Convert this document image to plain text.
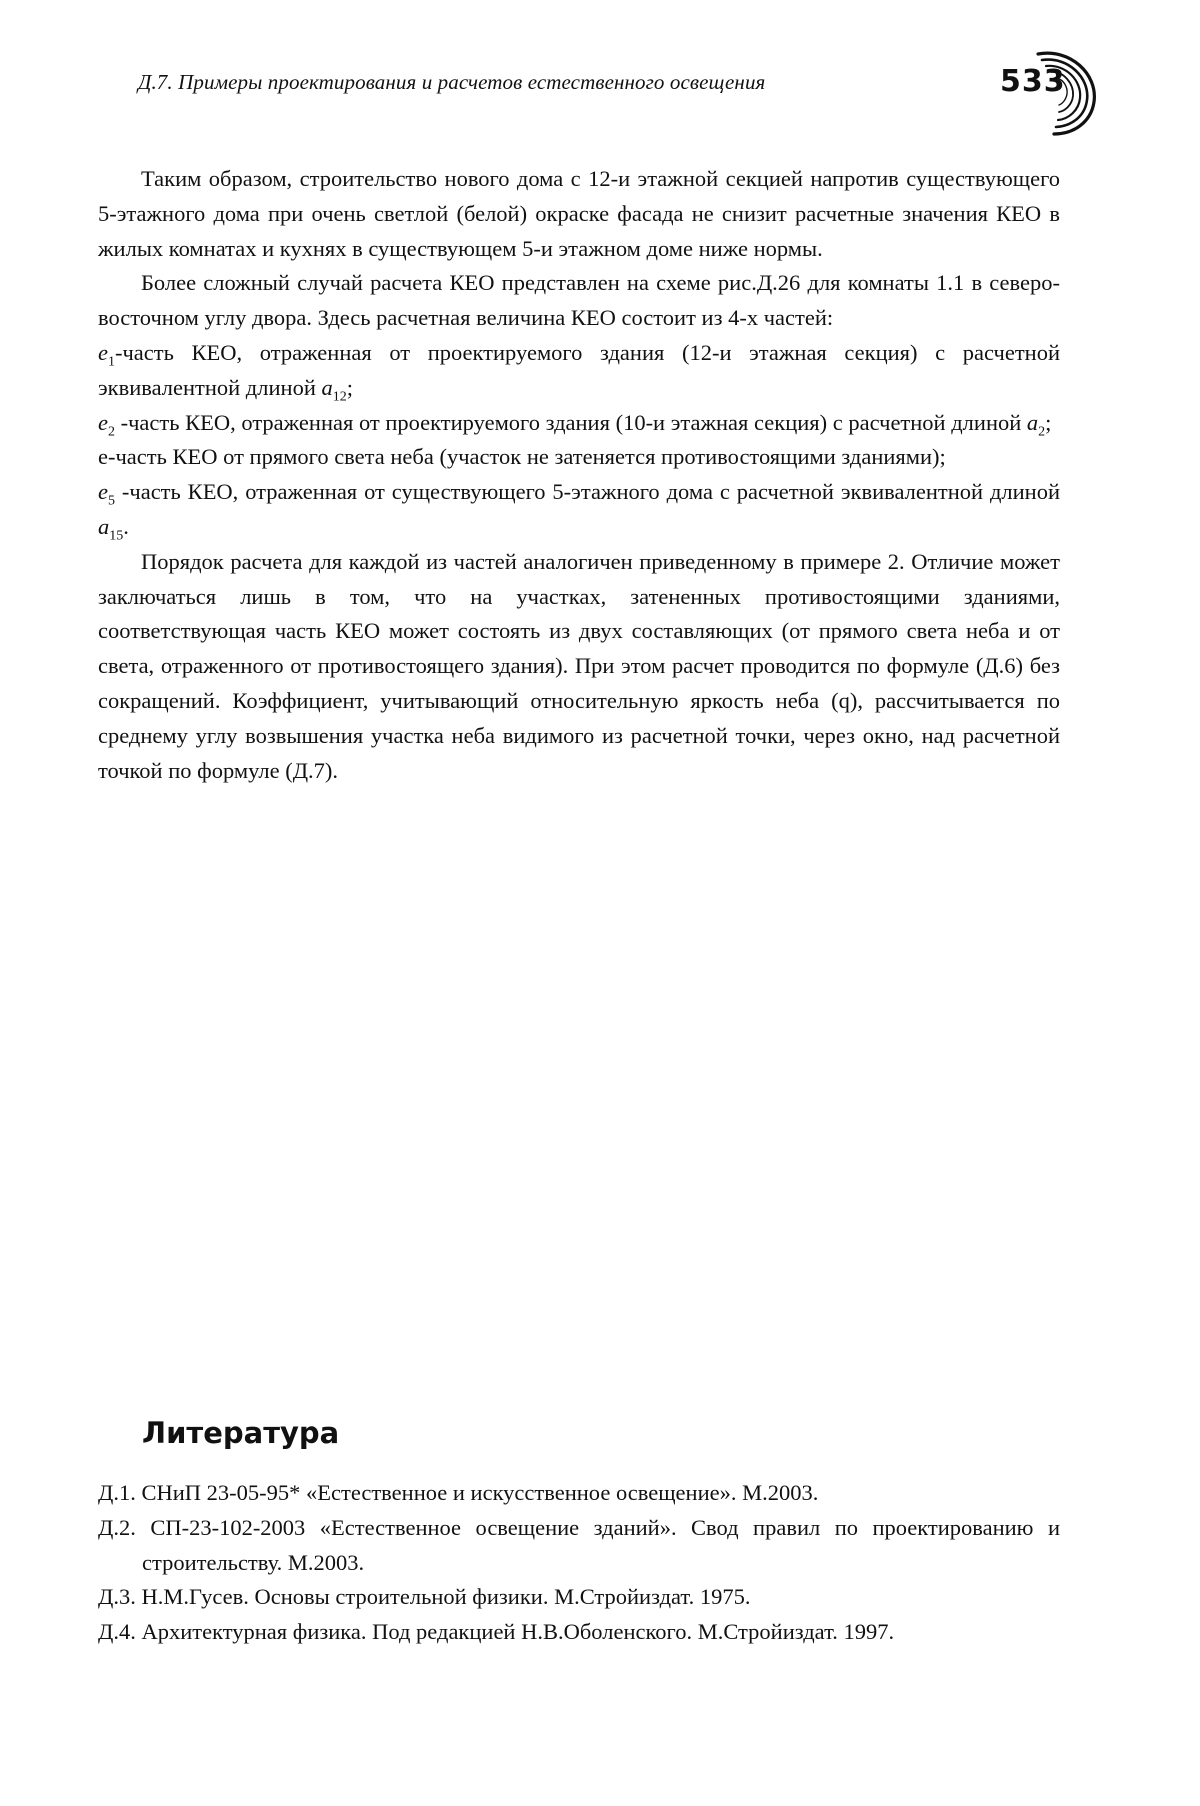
Д.7. Примеры проектирования и расчетов естественного освещения	533

Таким образом, строительство нового дома с 12-и этажной секцией напротив существующего 5-этажного дома при очень светлой (белой) окраске фасада не снизит расчетные значения КЕО в жилых комнатах и кухнях в существующем 5-и этажном доме ниже нормы.

Более сложный случай расчета КЕО представлен на схеме рис.Д.26 для комнаты 1.1 в северо-восточном углу двора. Здесь расчетная величина КЕО состоит из 4-х частей:

$e_1$-часть КЕО, отраженная от проектируемого здания (12-и этажная секция) с расчетной эквивалентной длиной $a_{12}$;

$e_2$ -часть КЕО, отраженная от проектируемого здания (10-и этажная секция) с расчетной длиной $a_2$;

e-часть КЕО от прямого света неба (участок не затеняется противостоящими зданиями);

$e_5$ -часть КЕО, отраженная от существующего 5-этажного дома с расчетной эквивалентной длиной $a_{15}$.

Порядок расчета для каждой из частей аналогичен приведенному в примере 2. Отличие может заключаться лишь в том, что на участках, затененных противостоящими зданиями, соответствующая часть КЕО может состоять из двух составляющих (от прямого света неба и от света, отраженного от противостоящего здания). При этом расчет проводится по формуле (Д.6) без сокращений. Коэффициент, учитывающий относительную яркость неба (q), рассчитывается по среднему углу возвышения участка неба видимого из расчетной точки, через окно, над расчетной точкой по формуле (Д.7).

Литература
Д.1. СНиП 23-05-95* «Естественное и искусственное освещение». М.2003.
Д.2. СП-23-102-2003 «Естественное освещение зданий». Свод правил по проектированию и строительству. М.2003.
Д.3. Н.М.Гусев. Основы строительной физики. М.Стройиздат. 1975.
Д.4. Архитектурная физика. Под редакцией Н.В.Оболенского. М.Стройиздат. 1997.
